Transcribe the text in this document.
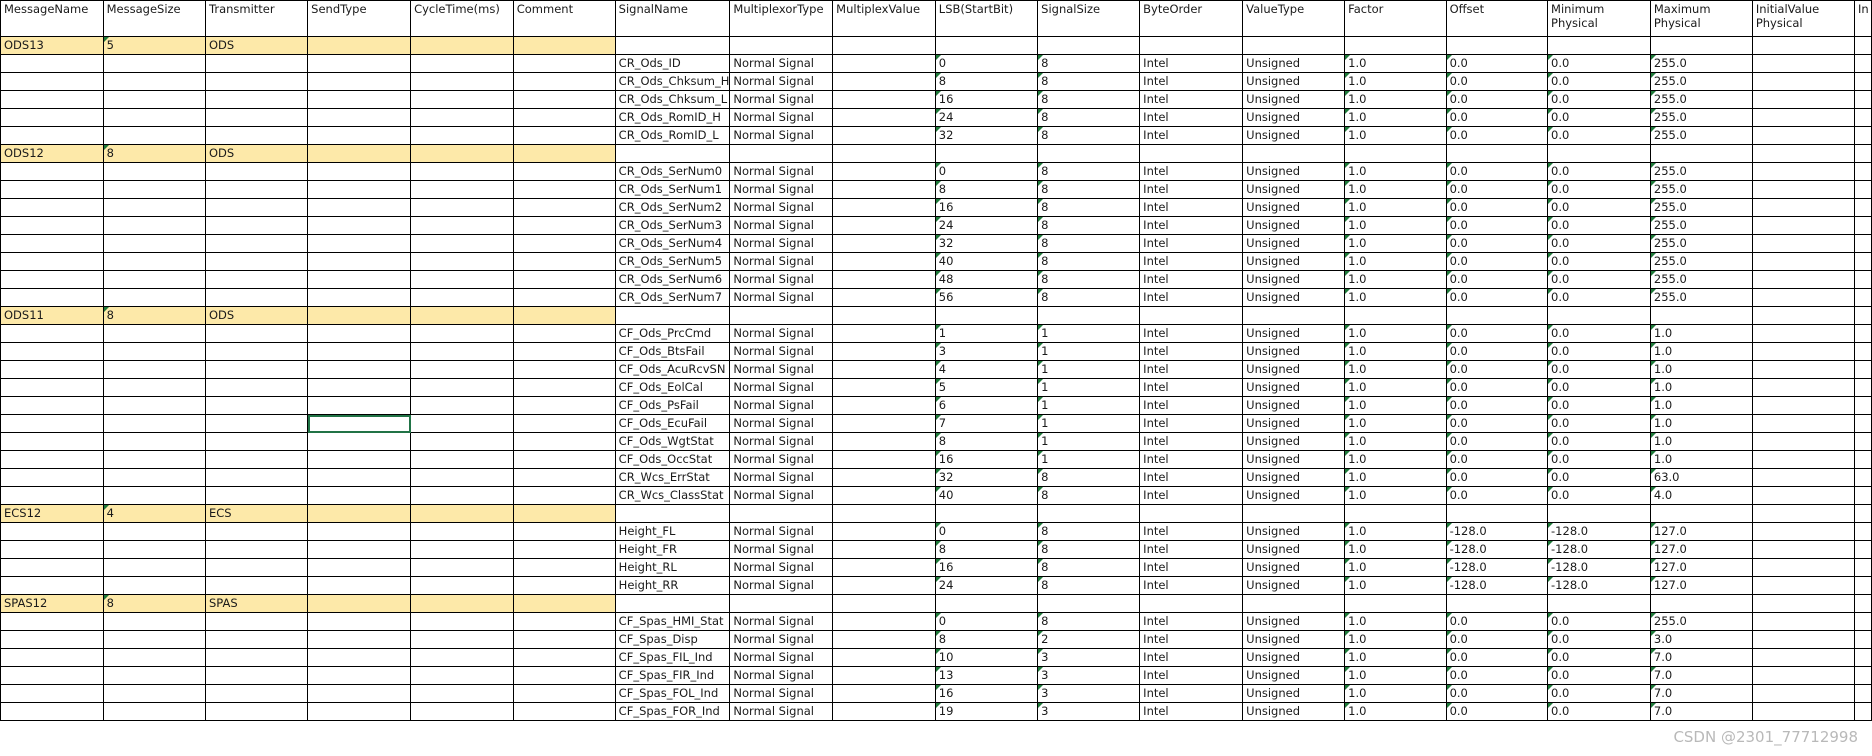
MessageName	MessageSize	Transmitter	SendType	CycleTime(ms)	Comment	SignalName	MultiplexorType	MultiplexValue	LSB(StartBit)	SignalSize	ByteOrder	ValueType	Factor	Offset	Minimum Physical	Maximum Physical	InitialValue Physical	In
ODS13	5	ODS																
						CR_Ods_ID	Normal Signal		0	8	Intel	Unsigned	1.0	0.0	0.0	255.0		
						CR_Ods_Chksum_H	Normal Signal		8	8	Intel	Unsigned	1.0	0.0	0.0	255.0		
						CR_Ods_Chksum_L	Normal Signal		16	8	Intel	Unsigned	1.0	0.0	0.0	255.0		
						CR_Ods_RomID_H	Normal Signal		24	8	Intel	Unsigned	1.0	0.0	0.0	255.0		
						CR_Ods_RomID_L	Normal Signal		32	8	Intel	Unsigned	1.0	0.0	0.0	255.0		
ODS12	8	ODS																
						CR_Ods_SerNum0	Normal Signal		0	8	Intel	Unsigned	1.0	0.0	0.0	255.0		
						CR_Ods_SerNum1	Normal Signal		8	8	Intel	Unsigned	1.0	0.0	0.0	255.0		
						CR_Ods_SerNum2	Normal Signal		16	8	Intel	Unsigned	1.0	0.0	0.0	255.0		
						CR_Ods_SerNum3	Normal Signal		24	8	Intel	Unsigned	1.0	0.0	0.0	255.0		
						CR_Ods_SerNum4	Normal Signal		32	8	Intel	Unsigned	1.0	0.0	0.0	255.0		
						CR_Ods_SerNum5	Normal Signal		40	8	Intel	Unsigned	1.0	0.0	0.0	255.0		
						CR_Ods_SerNum6	Normal Signal		48	8	Intel	Unsigned	1.0	0.0	0.0	255.0		
						CR_Ods_SerNum7	Normal Signal		56	8	Intel	Unsigned	1.0	0.0	0.0	255.0		
ODS11	8	ODS																
						CF_Ods_PrcCmd	Normal Signal		1	1	Intel	Unsigned	1.0	0.0	0.0	1.0		
						CF_Ods_BtsFail	Normal Signal		3	1	Intel	Unsigned	1.0	0.0	0.0	1.0		
						CF_Ods_AcuRcvSN	Normal Signal		4	1	Intel	Unsigned	1.0	0.0	0.0	1.0		
						CF_Ods_EolCal	Normal Signal		5	1	Intel	Unsigned	1.0	0.0	0.0	1.0		
						CF_Ods_PsFail	Normal Signal		6	1	Intel	Unsigned	1.0	0.0	0.0	1.0		
						CF_Ods_EcuFail	Normal Signal		7	1	Intel	Unsigned	1.0	0.0	0.0	1.0		
						CF_Ods_WgtStat	Normal Signal		8	1	Intel	Unsigned	1.0	0.0	0.0	1.0		
						CF_Ods_OccStat	Normal Signal		16	1	Intel	Unsigned	1.0	0.0	0.0	1.0		
						CR_Wcs_ErrStat	Normal Signal		32	8	Intel	Unsigned	1.0	0.0	0.0	63.0		
						CR_Wcs_ClassStat	Normal Signal		40	8	Intel	Unsigned	1.0	0.0	0.0	4.0		
ECS12	4	ECS																
						Height_FL	Normal Signal		0	8	Intel	Unsigned	1.0	-128.0	-128.0	127.0		
						Height_FR	Normal Signal		8	8	Intel	Unsigned	1.0	-128.0	-128.0	127.0		
						Height_RL	Normal Signal		16	8	Intel	Unsigned	1.0	-128.0	-128.0	127.0		
						Height_RR	Normal Signal		24	8	Intel	Unsigned	1.0	-128.0	-128.0	127.0		
SPAS12	8	SPAS																
						CF_Spas_HMI_Stat	Normal Signal		0	8	Intel	Unsigned	1.0	0.0	0.0	255.0		
						CF_Spas_Disp	Normal Signal		8	2	Intel	Unsigned	1.0	0.0	0.0	3.0		
						CF_Spas_FIL_Ind	Normal Signal		10	3	Intel	Unsigned	1.0	0.0	0.0	7.0		
						CF_Spas_FIR_Ind	Normal Signal		13	3	Intel	Unsigned	1.0	0.0	0.0	7.0		
						CF_Spas_FOL_Ind	Normal Signal		16	3	Intel	Unsigned	1.0	0.0	0.0	7.0		
						CF_Spas_FOR_Ind	Normal Signal		19	3	Intel	Unsigned	1.0	0.0	0.0	7.0		
CSDN @2301_77712998
